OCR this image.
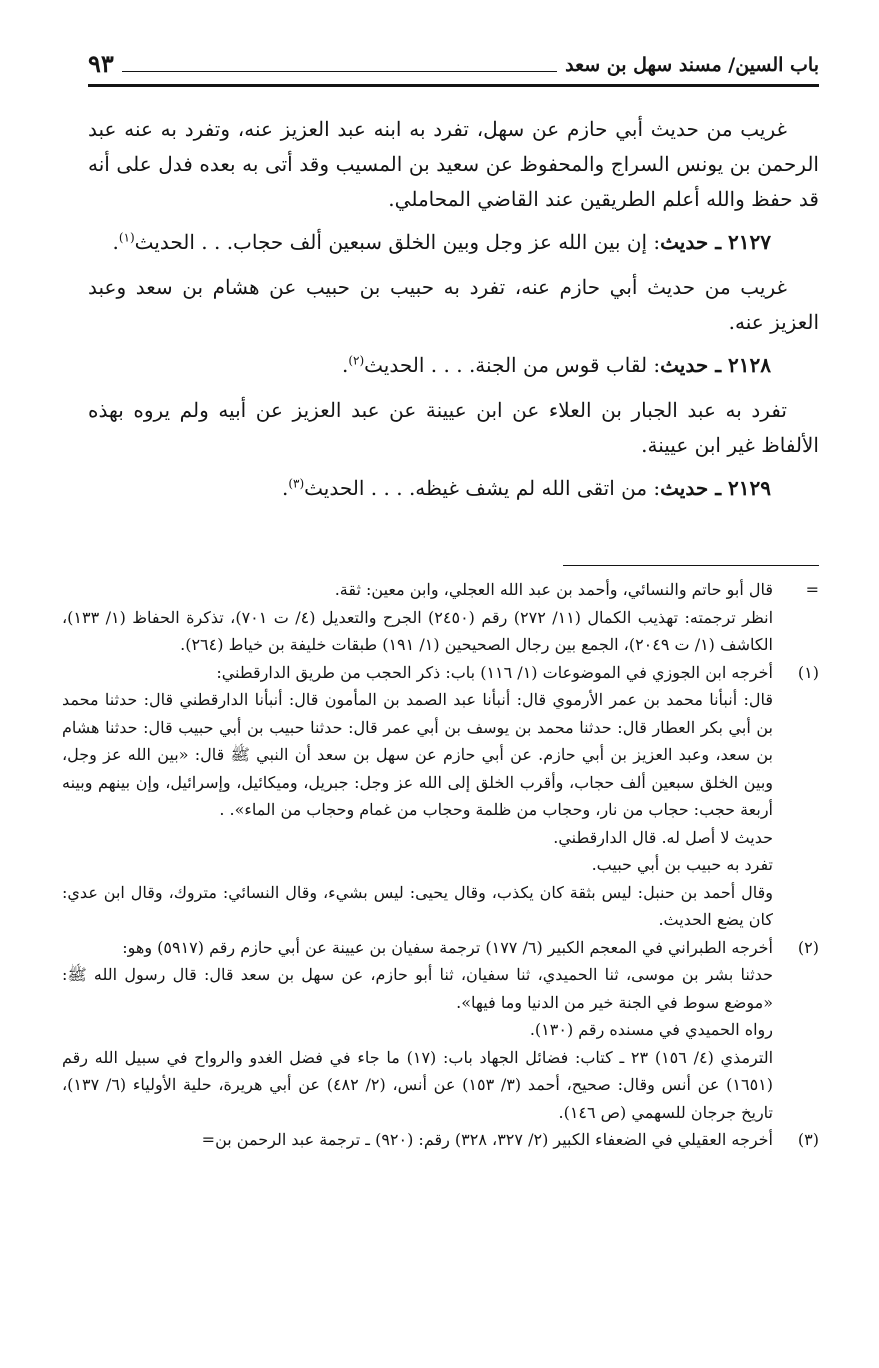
باب السين/ مسند سهل بن سعد
٩٣

غريب من حديث أبي حازم عن سهل، تفرد به ابنه عبد العزيز عنه، وتفرد به عنه عبد الرحمن بن يونس السراج والمحفوظ عن سعيد بن المسيب وقد أتى به بعده فدل على أنه قد حفظ والله أعلم الطريقين عند القاضي المحاملي.

٢١٢٧ ـ حديث: إن بين الله عز وجل وبين الخلق سبعين ألف حجاب. . . الحديث$^{(١)}$.

غريب من حديث أبي حازم عنه، تفرد به حبيب بن حبيب عن هشام بن سعد وعبد العزيز عنه.

٢١٢٨ ـ حديث: لقاب قوس من الجنة. . . . الحديث$^{(٢)}$.

تفرد به عبد الجبار بن العلاء عن ابن عيينة عن عبد العزيز عن أبيه ولم يروه بهذه الألفاظ غير ابن عيينة.

٢١٢٩ ـ حديث: من اتقى الله لم يشف غيظه. . . . الحديث$^{(٣)}$.

=

قال أبو حاتم والنسائي، وأحمد بن عبد الله العجلي، وابن معين: ثقة.

انظر ترجمته: تهذيب الكمال (١١/ ٢٧٢) رقم (٢٤٥٠) الجرح والتعديل (٤/ ت ٧٠١)، تذكرة الحفاظ (١/ ١٣٣)، الكاشف (١/ ت ٢٠٤٩)، الجمع بين رجال الصحيحين (١/ ١٩١) طبقات خليفة بن خياط (٢٦٤).

(١)

أخرجه ابن الجوزي في الموضوعات (١/ ١١٦) باب: ذكر الحجب من طريق الدارقطني:

قال: أنبأنا محمد بن عمر الأرموي قال: أنبأنا عبد الصمد بن المأمون قال: أنبأنا الدارقطني قال: حدثنا محمد بن أبي بكر العطار قال: حدثنا محمد بن يوسف بن أبي عمر قال: حدثنا حبيب بن أبي حبيب قال: حدثنا هشام بن سعد، وعبد العزيز بن أبي حازم. عن أبي حازم عن سهل بن سعد أن النبي ﷺ قال: «بين الله عز وجل، وبين الخلق سبعين ألف حجاب، وأقرب الخلق إلى الله عز وجل: جبريل، وميكائيل، وإسرائيل، وإن بينهم وبينه أربعة حجب: حجاب من نار، وحجاب من ظلمة وحجاب من غمام وحجاب من الماء». .

حديث لا أصل له. قال الدارقطني.

تفرد به حبيب بن أبي حبيب.

وقال أحمد بن حنبل: ليس بثقة كان يكذب، وقال يحيى: ليس بشيء، وقال النسائي: متروك، وقال ابن عدي: كان يضع الحديث.

(٢)

أخرجه الطبراني في المعجم الكبير (٦/ ١٧٧) ترجمة سفيان بن عيينة عن أبي حازم رقم (٥٩١٧) وهو:

حدثنا بشر بن موسى، ثنا الحميدي، ثنا سفيان، ثنا أبو حازم، عن سهل بن سعد قال: قال رسول الله ﷺ: «موضع سوط في الجنة خير من الدنيا وما فيها».

رواه الحميدي في مسنده رقم (١٣٠).

الترمذي (٤/ ١٥٦) ٢٣ ـ كتاب: فضائل الجهاد باب: (١٧) ما جاء في فضل الغدو والرواح في سبيل الله رقم (١٦٥١) عن أنس وقال: صحيح، أحمد (٣/ ١٥٣) عن أنس، (٢/ ٤٨٢) عن أبي هريرة، حلية الأولياء (٦/ ١٣٧)، تاريخ جرجان للسهمي (ص ١٤٦).

(٣)

أخرجه العقيلي في الضعفاء الكبير (٢/ ٣٢٧، ٣٢٨) رقم: (٩٢٠) ـ ترجمة عبد الرحمن بن=
